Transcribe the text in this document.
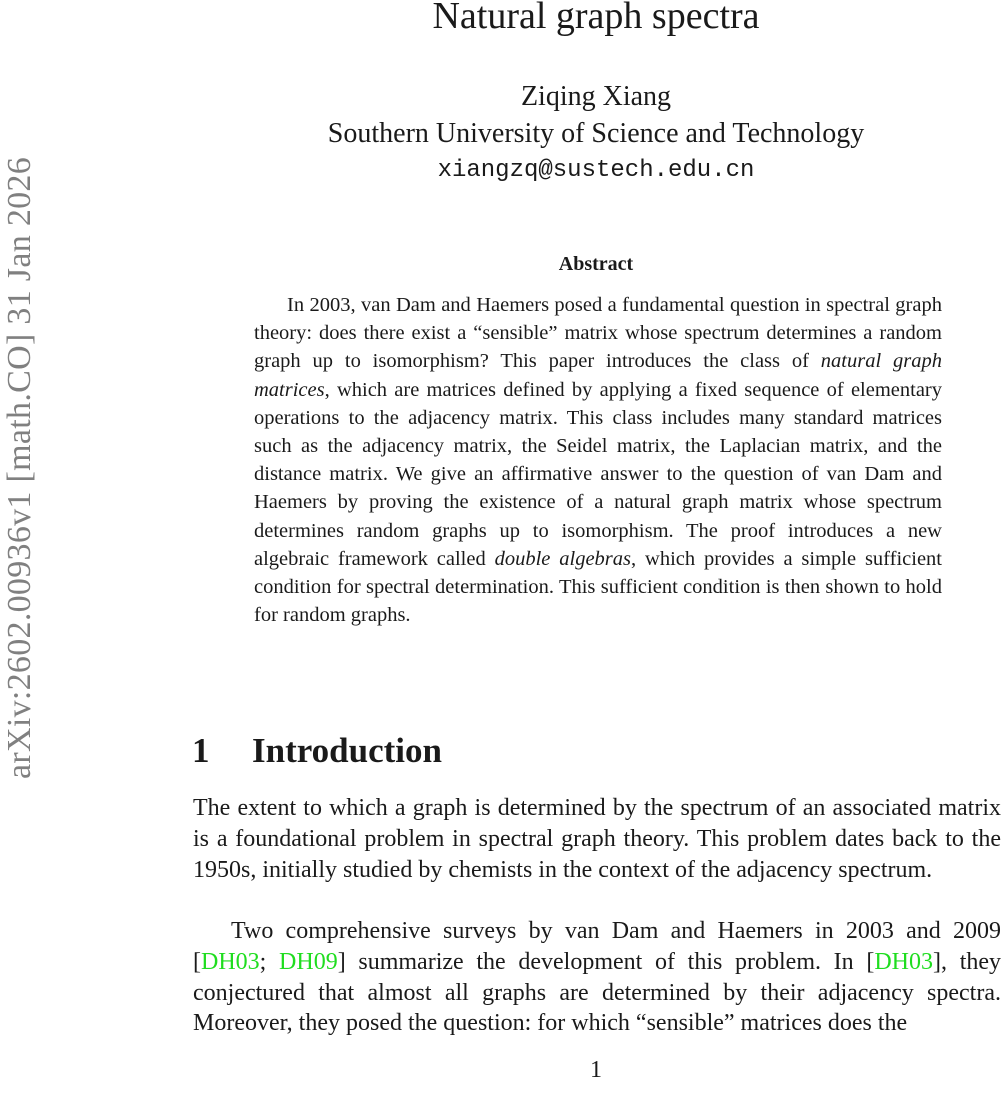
arXiv:2602.00936v1 [math.CO] 31 Jan 2026
Natural graph spectra
Ziqing Xiang
Southern University of Science and Technology
xiangzq@sustech.edu.cn
Abstract

In 2003, van Dam and Haemers posed a fundamental question in spectral graph theory: does there exist a “sensible” matrix whose spectrum determines a random graph up to isomorphism? This paper introduces the class of natural graph matrices, which are matrices defined by applying a fixed sequence of elementary operations to the adjacency matrix. This class includes many standard matrices such as the adjacency matrix, the Seidel matrix, the Laplacian matrix, and the distance matrix. We give an affirmative answer to the question of van Dam and Haemers by proving the existence of a natural graph matrix whose spectrum determines random graphs up to isomorphism. The proof introduces a new algebraic framework called double algebras, which provides a simple sufficient condition for spectral determination. This sufficient condition is then shown to hold for random graphs.

1 Introduction

The extent to which a graph is determined by the spectrum of an associated matrix is a foundational problem in spectral graph theory. This problem dates back to the 1950s, initially studied by chemists in the context of the adjacency spectrum.

Two comprehensive surveys by van Dam and Haemers in 2003 and 2009 [DH03; DH09] summarize the development of this problem. In [DH03], they conjectured that almost all graphs are determined by their adjacency spectra. Moreover, they posed the question: for which “sensible” matrices does the

1
